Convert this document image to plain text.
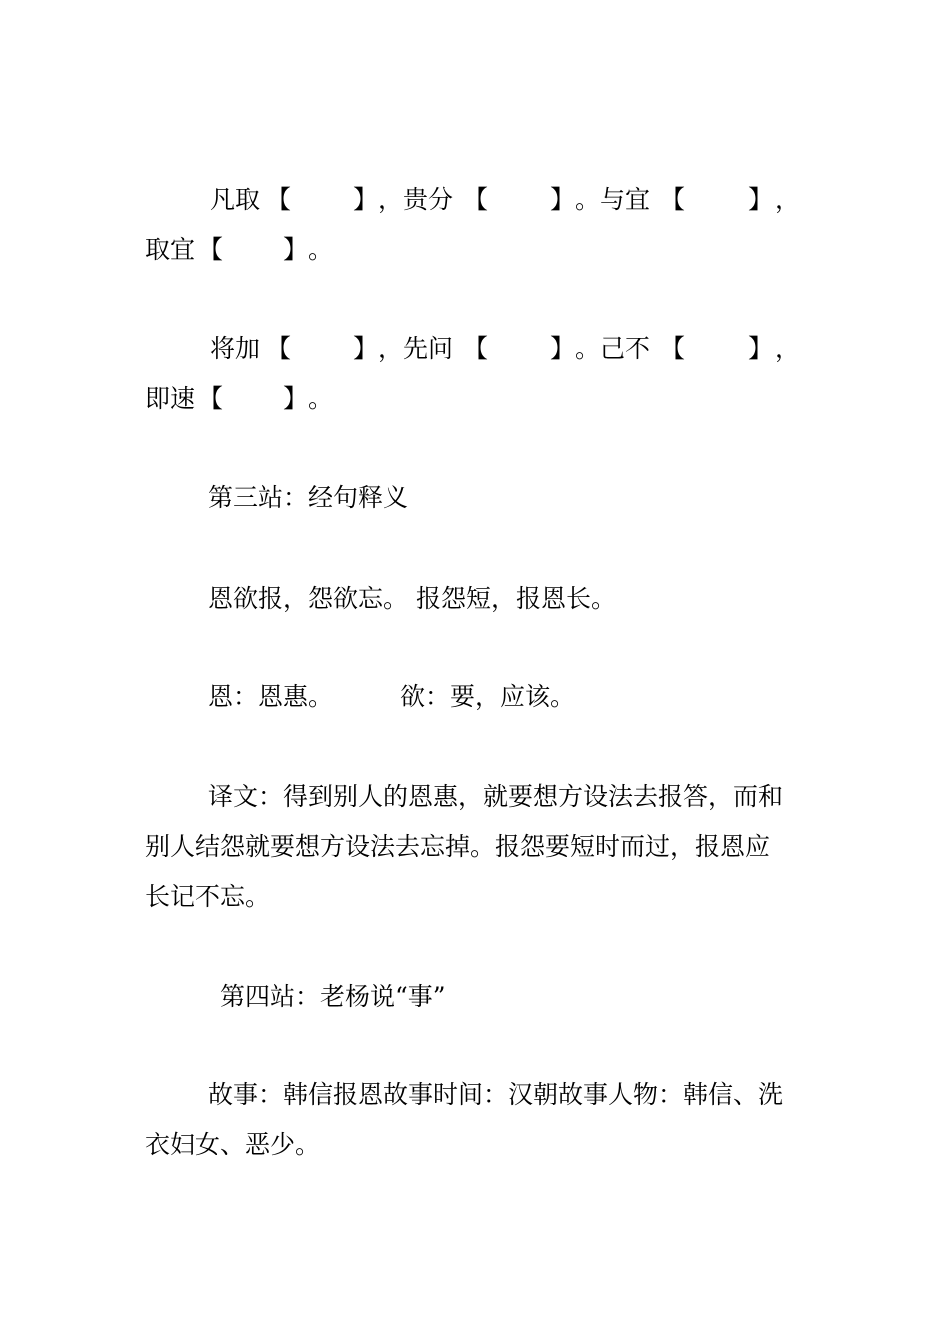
凡取 【 】 ，贵分 【 】 。与宜 【	】 ，
取宜 【 】 。
将加 【 】 ，先问 【 】 。己不 【	】 ，
即速 【 】 。
第三站：经句释义
恩欲报，怨欲忘。 报怨短，报恩长。
恩：恩惠。	欲：要，应该。
译文：得到别人的恩惠，就要想方设法去报答，而和
别人结怨就要想方设法去忘掉。报怨要短时而过，报恩应
长记不忘。
第四站：老杨说“事”
故事：韩信报恩故事时间：汉朝故事人物：韩信、洗
衣妇女、恶少。
